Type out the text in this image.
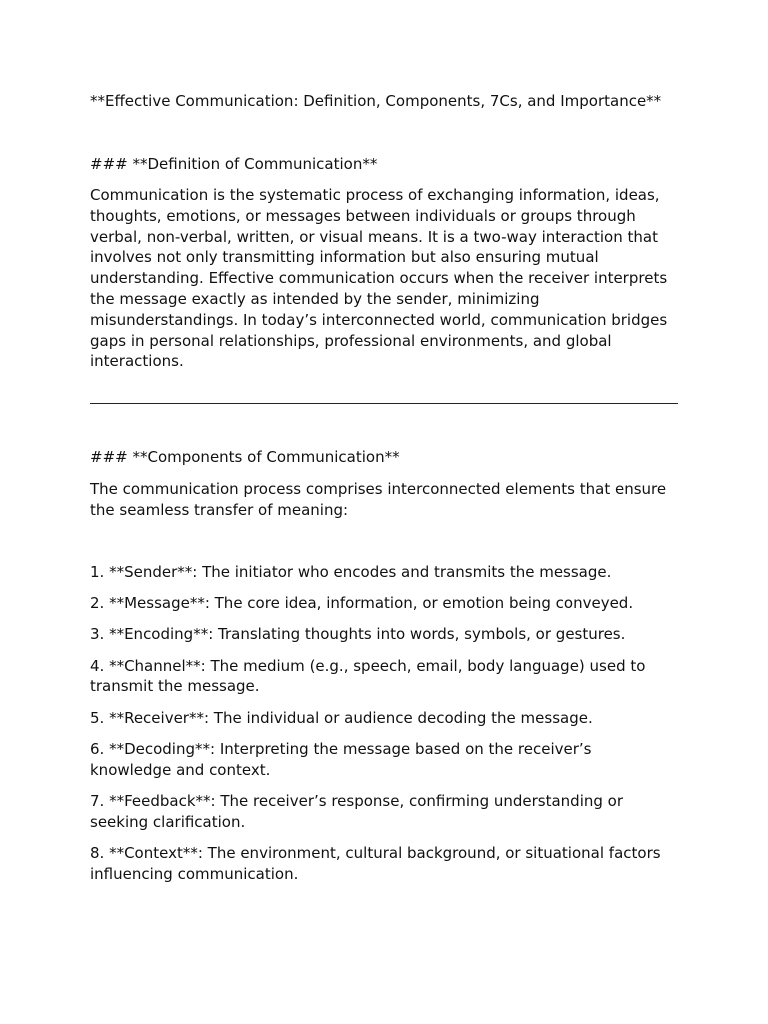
**Effective Communication: Definition, Components, 7Cs, and Importance**

### **Definition of Communication**

Communication is the systematic process of exchanging information, ideas, thoughts, emotions, or messages between individuals or groups through verbal, non-verbal, written, or visual means. It is a two-way interaction that involves not only transmitting information but also ensuring mutual understanding. Effective communication occurs when the receiver interprets the message exactly as intended by the sender, minimizing misunderstandings. In today’s interconnected world, communication bridges gaps in personal relationships, professional environments, and global interactions.

### **Components of Communication**

The communication process comprises interconnected elements that ensure the seamless transfer of meaning:

1. **Sender**: The initiator who encodes and transmits the message.
2. **Message**: The core idea, information, or emotion being conveyed.
3. **Encoding**: Translating thoughts into words, symbols, or gestures.
4. **Channel**: The medium (e.g., speech, email, body language) used to transmit the message.
5. **Receiver**: The individual or audience decoding the message.
6. **Decoding**: Interpreting the message based on the receiver’s knowledge and context.
7. **Feedback**: The receiver’s response, confirming understanding or seeking clarification.
8. **Context**: The environment, cultural background, or situational factors influencing communication.
